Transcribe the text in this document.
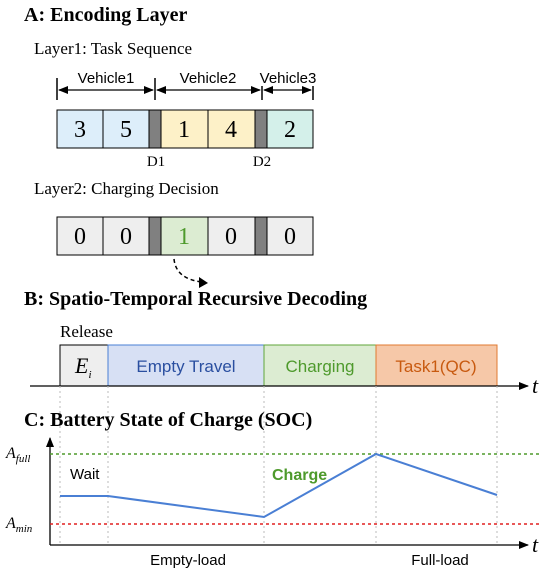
A: Encoding Layer
Layer1: Task Sequence
Vehicle1	Vehicle2 Vehicle3
3 5 1 4 2
D1	D2
Layer2: Charging Decision
0 0 1 0 0
B: Spatio-Temporal Recursive Decoding
Release
$E_i$	Empty Travel	Charging Task1(QC)
t
C: Battery State of Charge (SOC)
t
$A_{full}$
$A_{min}$
Wait	Charge
Empty-load	Full-load
